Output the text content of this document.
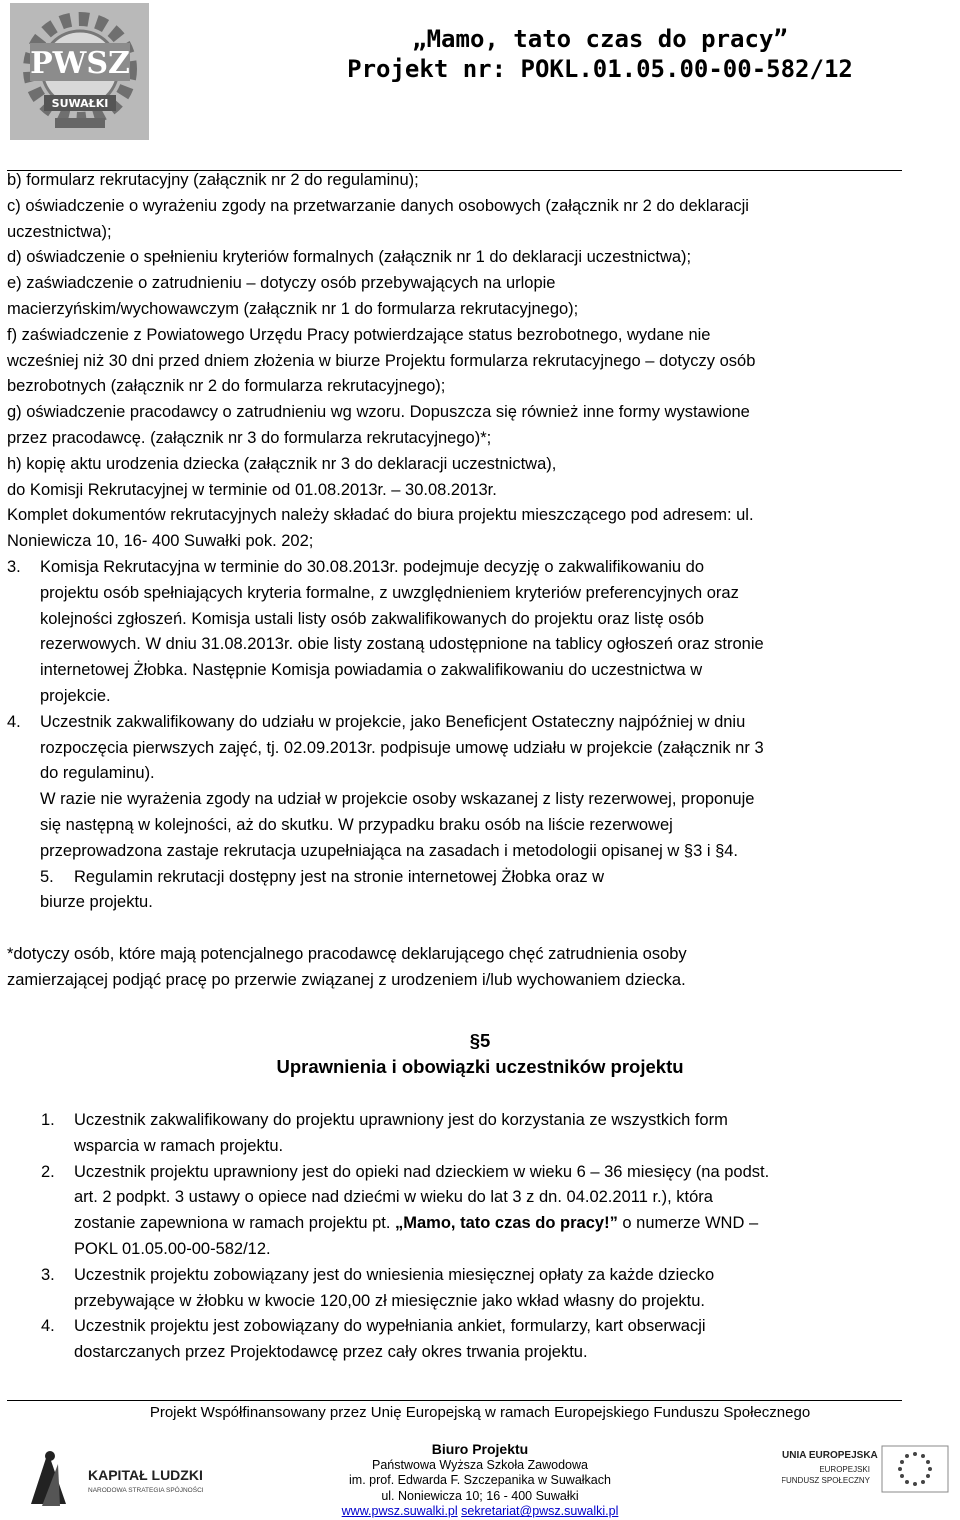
PWSZ
SUWAŁKI
„Mamo, tato czas do pracy”
Projekt nr: POKL.01.05.00-00-582/12
b) formularz rekrutacyjny (załącznik nr 2 do regulaminu);
c) oświadczenie o wyrażeniu zgody na przetwarzanie danych osobowych (załącznik nr 2 do deklaracji
uczestnictwa);
d) oświadczenie o spełnieniu kryteriów formalnych (załącznik nr 1 do deklaracji uczestnictwa);
e) zaświadczenie o zatrudnieniu – dotyczy osób przebywających na urlopie
macierzyńskim/wychowawczym (załącznik nr 1 do formularza rekrutacyjnego);
f) zaświadczenie z Powiatowego Urzędu Pracy potwierdzające status bezrobotnego, wydane nie
wcześniej niż 30 dni przed dniem złożenia w biurze Projektu formularza rekrutacyjnego – dotyczy osób
bezrobotnych (załącznik nr 2 do formularza rekrutacyjnego);
g) oświadczenie pracodawcy o zatrudnieniu wg wzoru. Dopuszcza się również inne formy wystawione
przez pracodawcę. (załącznik nr 3 do formularza rekrutacyjnego)*;
h) kopię aktu urodzenia dziecka (załącznik nr 3 do deklaracji uczestnictwa),
do Komisji Rekrutacyjnej w terminie od 01.08.2013r. – 30.08.2013r.
Komplet dokumentów rekrutacyjnych należy składać do biura projektu mieszczącego pod adresem: ul.
Noniewicza 10, 16- 400 Suwałki pok. 202;
3. Komisja Rekrutacyjna w terminie do 30.08.2013r. podejmuje decyzję o zakwalifikowaniu do
projektu osób spełniających kryteria formalne, z uwzględnieniem kryteriów preferencyjnych oraz
kolejności zgłoszeń. Komisja ustali listy osób zakwalifikowanych do projektu oraz listę osób
rezerwowych. W dniu 31.08.2013r. obie listy zostaną udostępnione na tablicy ogłoszeń oraz stronie
internetowej Żłobka. Następnie Komisja powiadamia o zakwalifikowaniu do uczestnictwa w
projekcie.
4. Uczestnik zakwalifikowany do udziału w projekcie, jako Beneficjent Ostateczny najpóźniej w dniu
rozpoczęcia pierwszych zajęć, tj. 02.09.2013r. podpisuje umowę udziału w projekcie (załącznik nr 3
do regulaminu).
W razie nie wyrażenia zgody na udział w projekcie osoby wskazanej z listy rezerwowej, proponuje
się następną w kolejności, aż do skutku. W przypadku braku osób na liście rezerwowej
przeprowadzona zastaje rekrutacja uzupełniająca na zasadach i metodologii opisanej w §3 i §4.
5. Regulamin rekrutacji dostępny jest na stronie internetowej Żłobka oraz w
biurze projektu.
*dotyczy osób, które mają potencjalnego pracodawcę deklarującego chęć zatrudnienia osoby
zamierzającej podjąć pracę po przerwie związanej z urodzeniem i/lub wychowaniem dziecka.
§5
Uprawnienia i obowiązki uczestników projektu
1. Uczestnik zakwalifikowany do projektu uprawniony jest do korzystania ze wszystkich form
wsparcia w ramach projektu.
2. Uczestnik projektu uprawniony jest do opieki nad dzieckiem w wieku 6 – 36 miesięcy (na podst.
art. 2 podpkt. 3 ustawy o opiece nad dziećmi w wieku do lat 3 z dn. 04.02.2011 r.), która
zostanie zapewniona w ramach projektu pt. „Mamo, tato czas do pracy!” o numerze WND –
POKL 01.05.00-00-582/12.
3. Uczestnik projektu zobowiązany jest do wniesienia miesięcznej opłaty za każde dziecko
przebywające w żłobku w kwocie 120,00 zł miesięcznie jako wkład własny do projektu.
4. Uczestnik projektu jest zobowiązany do wypełniania ankiet, formularzy, kart obserwacji
dostarczanych przez Projektodawcę przez cały okres trwania projektu.
Projekt Współfinansowany przez Unię Europejską w ramach Europejskiego Funduszu Społecznego
KAPITAŁ LUDZKI
NARODOWA STRATEGIA SPÓJNOŚCI
Biuro Projektu
Państwowa Wyższa Szkoła Zawodowa
im. prof. Edwarda F. Szczepanika w Suwałkach
ul. Noniewicza 10; 16 - 400 Suwałki
www.pwsz.suwalki.pl sekretariat@pwsz.suwalki.pl
UNIA EUROPEJSKA
EUROPEJSKI
FUNDUSZ SPOŁECZNY
